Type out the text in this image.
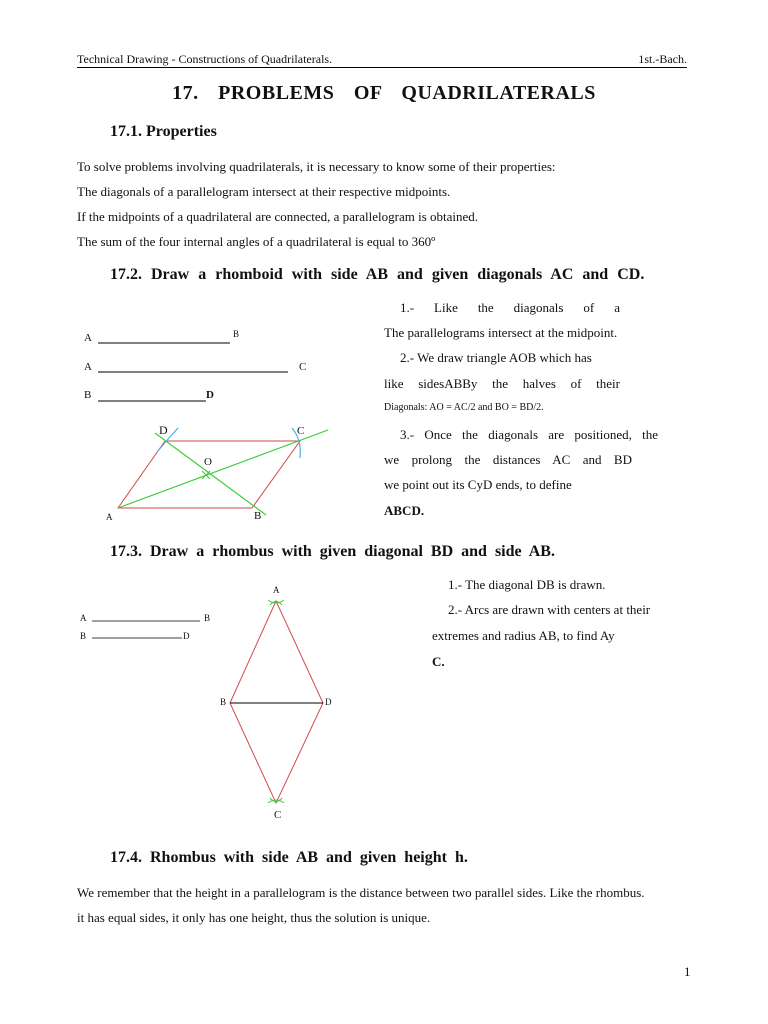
Technical Drawing - Constructions of Quadrilaterals.	1st.-Bach.
17. PROBLEMS OF QUADRILATERALS
17.1. Properties
To solve problems involving quadrilaterals, it is necessary to know some of their properties:
The diagonals of a parallelogram intersect at their respective midpoints.
If the midpoints of a quadrilateral are connected, a parallelogram is obtained.
The sum of the four internal angles of a quadrilateral is equal to 360º
17.2. Draw a rhomboid with side AB and given diagonals AC and CD.
1.- Like the diagonals of a
The parallelograms intersect at the midpoint.
2.- We draw triangle AOB which has
like sidesABBy the halves of their
Diagonals: AO = AC/2 and BO = BD/2.
3.- Once the diagonals are positioned, the
we prolong the distances AC and BD
we point out its CyD ends, to define
ABCD.
A	B
A	C
B	D
D	C
O
A	B
17.3. Draw a rhombus with given diagonal BD and side AB.
1.- The diagonal DB is drawn.
2.- Arcs are drawn with centers at their
extremes and radius AB, to find Ay
C.
A	B
B	D
A
B	D
C
17.4. Rhombus with side AB and given height h.
We remember that the height in a parallelogram is the distance between two parallel sides. Like the rhombus.
it has equal sides, it only has one height, thus the solution is unique.
1
